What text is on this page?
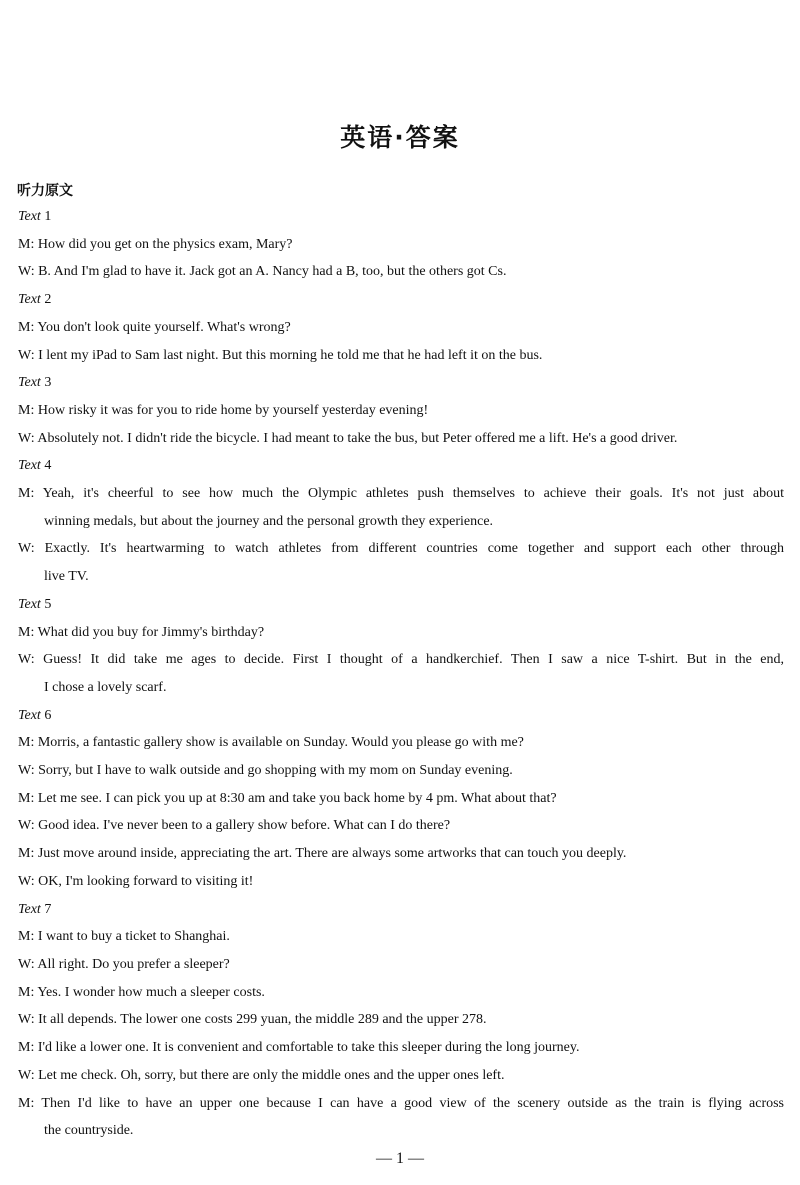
英语·答案
听力原文
Text 1
M: How did you get on the physics exam, Mary?
W: B. And I'm glad to have it. Jack got an A. Nancy had a B, too, but the others got Cs.
Text 2
M: You don't look quite yourself. What's wrong?
W: I lent my iPad to Sam last night. But this morning he told me that he had left it on the bus.
Text 3
M: How risky it was for you to ride home by yourself yesterday evening!
W: Absolutely not. I didn't ride the bicycle. I had meant to take the bus, but Peter offered me a lift. He's a good driver.
Text 4
M: Yeah, it's cheerful to see how much the Olympic athletes push themselves to achieve their goals. It's not just about
winning medals, but about the journey and the personal growth they experience.
W: Exactly. It's heartwarming to watch athletes from different countries come together and support each other through
live TV.
Text 5
M: What did you buy for Jimmy's birthday?
W: Guess! It did take me ages to decide. First I thought of a handkerchief. Then I saw a nice T-shirt. But in the end,
I chose a lovely scarf.
Text 6
M: Morris, a fantastic gallery show is available on Sunday. Would you please go with me?
W: Sorry, but I have to walk outside and go shopping with my mom on Sunday evening.
M: Let me see. I can pick you up at 8:30 am and take you back home by 4 pm. What about that?
W: Good idea. I've never been to a gallery show before. What can I do there?
M: Just move around inside, appreciating the art. There are always some artworks that can touch you deeply.
W: OK, I'm looking forward to visiting it!
Text 7
M: I want to buy a ticket to Shanghai.
W: All right. Do you prefer a sleeper?
M: Yes. I wonder how much a sleeper costs.
W: It all depends. The lower one costs 299 yuan, the middle 289 and the upper 278.
M: I'd like a lower one. It is convenient and comfortable to take this sleeper during the long journey.
W: Let me check. Oh, sorry, but there are only the middle ones and the upper ones left.
M: Then I'd like to have an upper one because I can have a good view of the scenery outside as the train is flying across
the countryside.
— 1 —
